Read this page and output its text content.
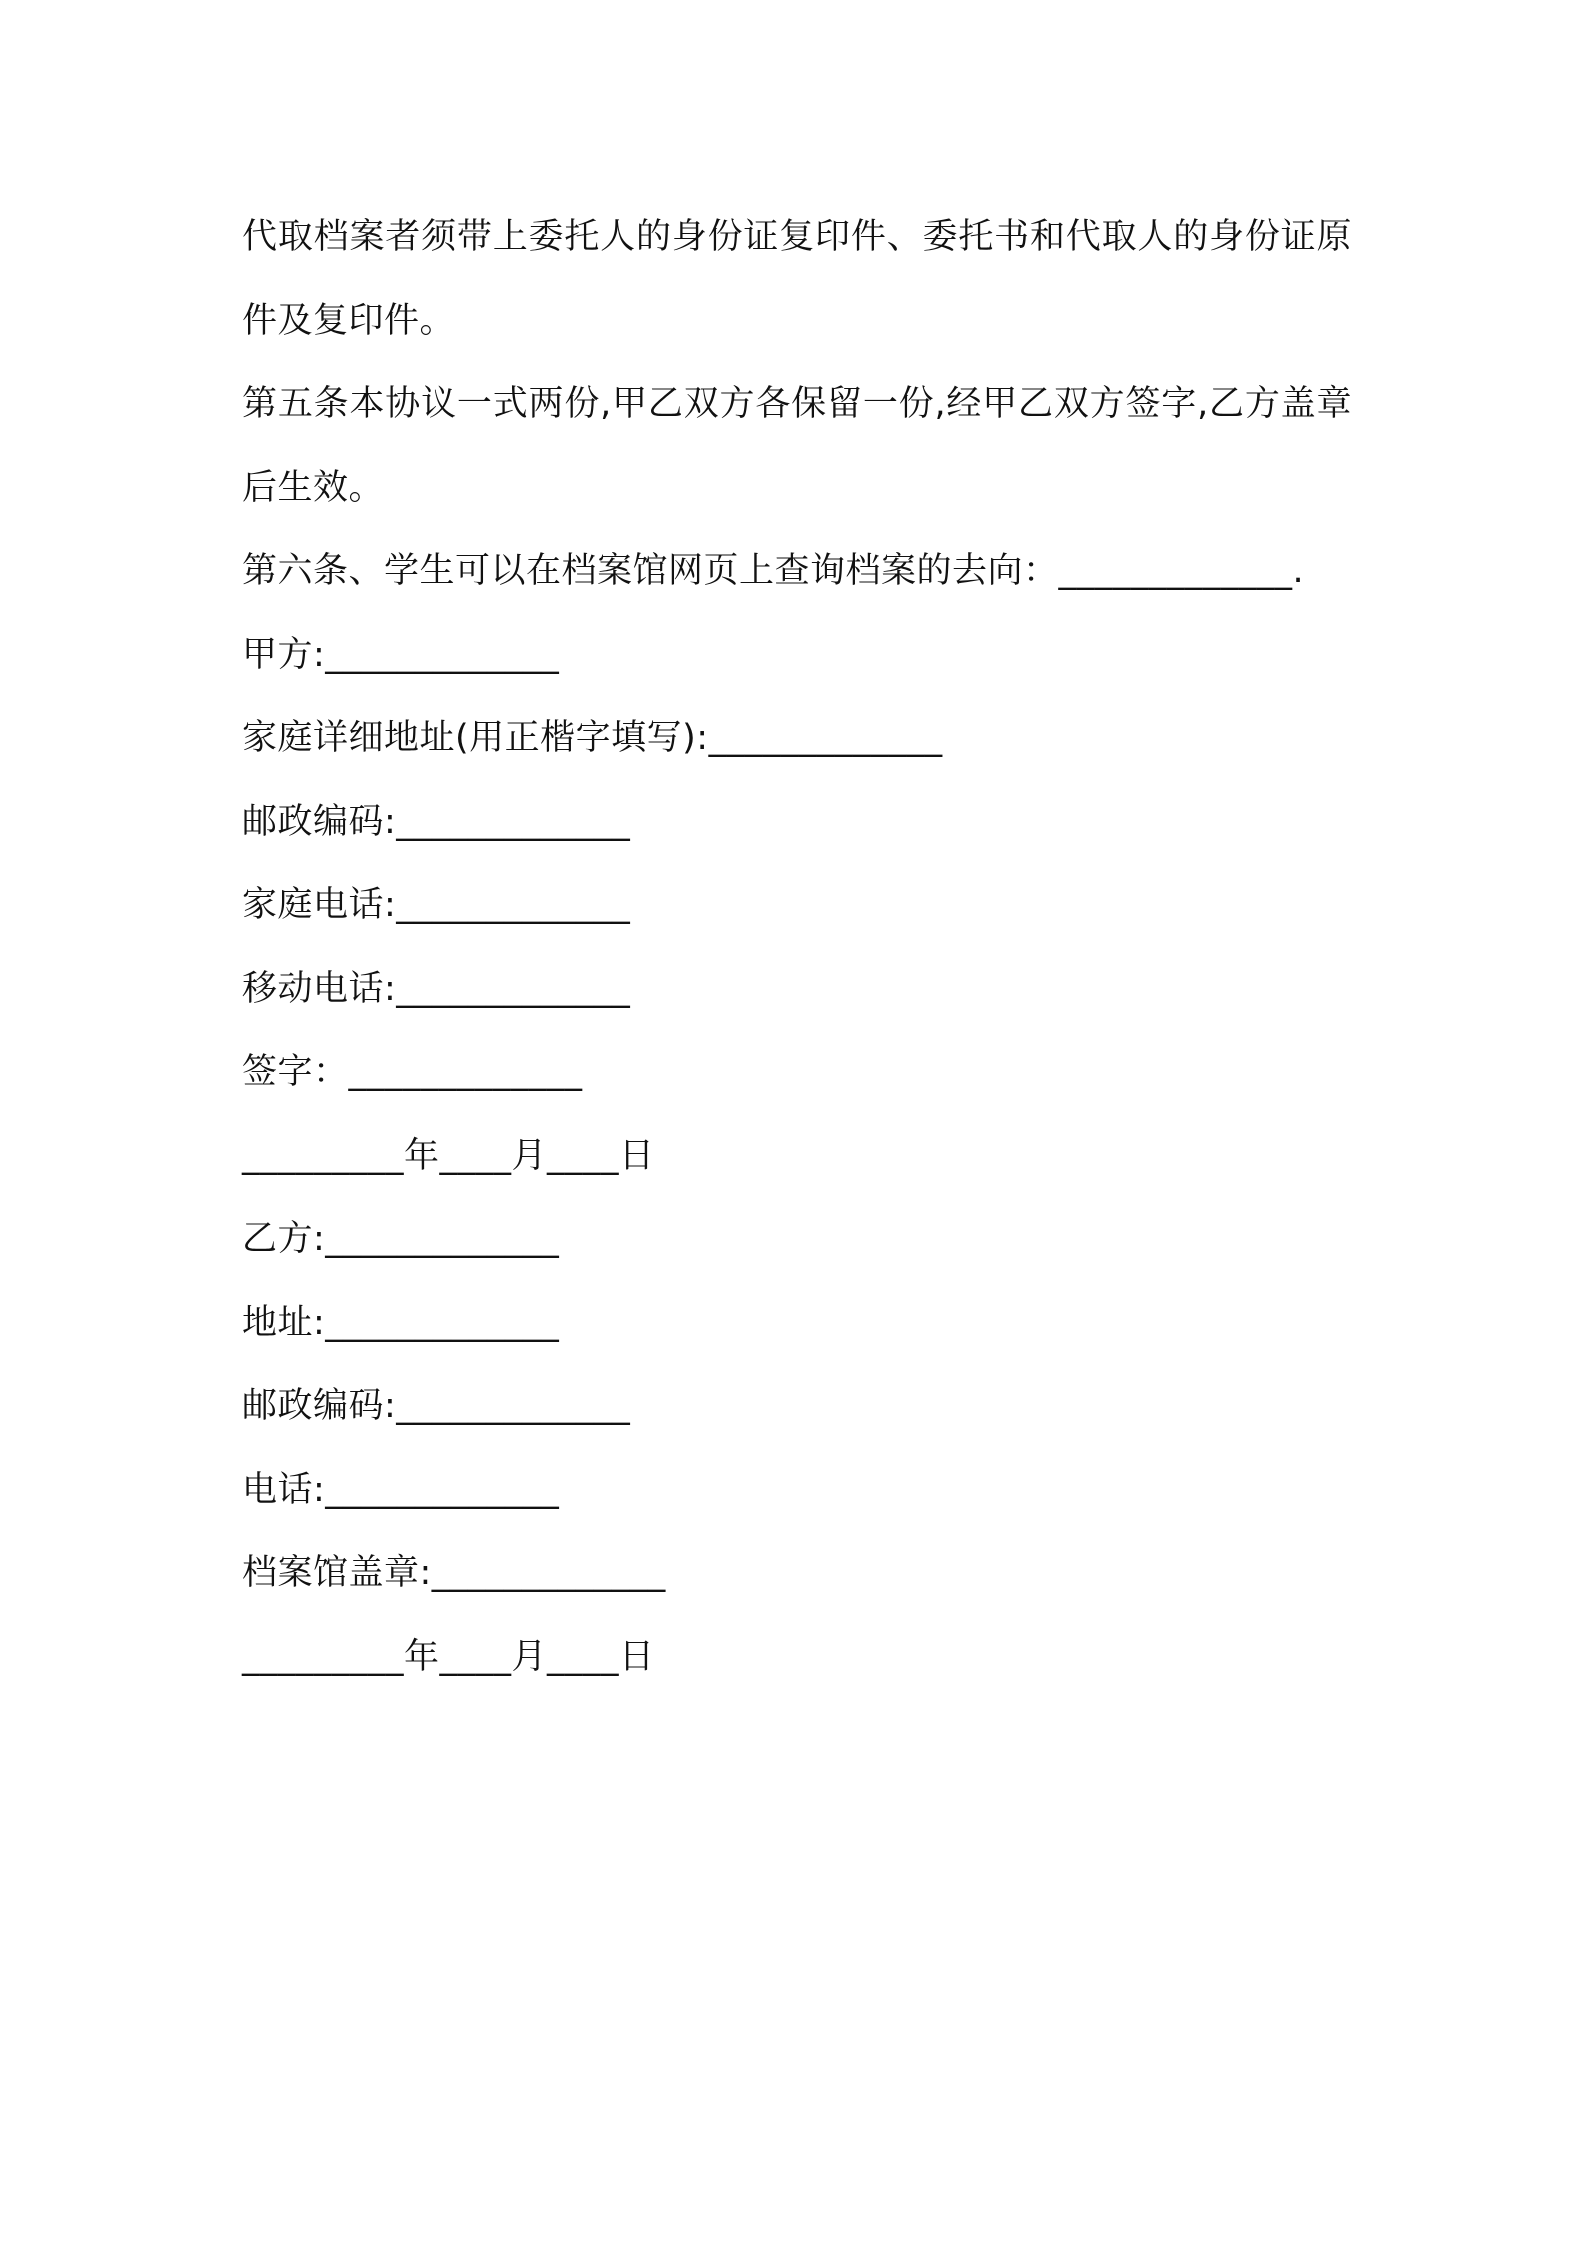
代取档案者须带上委托人的身份证复印件、委托书和代取人的身份证原件及复印件。
第五条本协议一式两份,甲乙双方各保留一份,经甲乙双方签字,乙方盖章后生效。
第六条、学生可以在档案馆网页上查询档案的去向：_____________.
甲方:_____________
家庭详细地址(用正楷字填写):_____________
邮政编码:_____________
家庭电话:_____________
移动电话:_____________
签字：_____________
_________年____月____日
乙方:_____________
地址:_____________
邮政编码:_____________
电话:_____________
档案馆盖章:_____________
_________年____月____日
